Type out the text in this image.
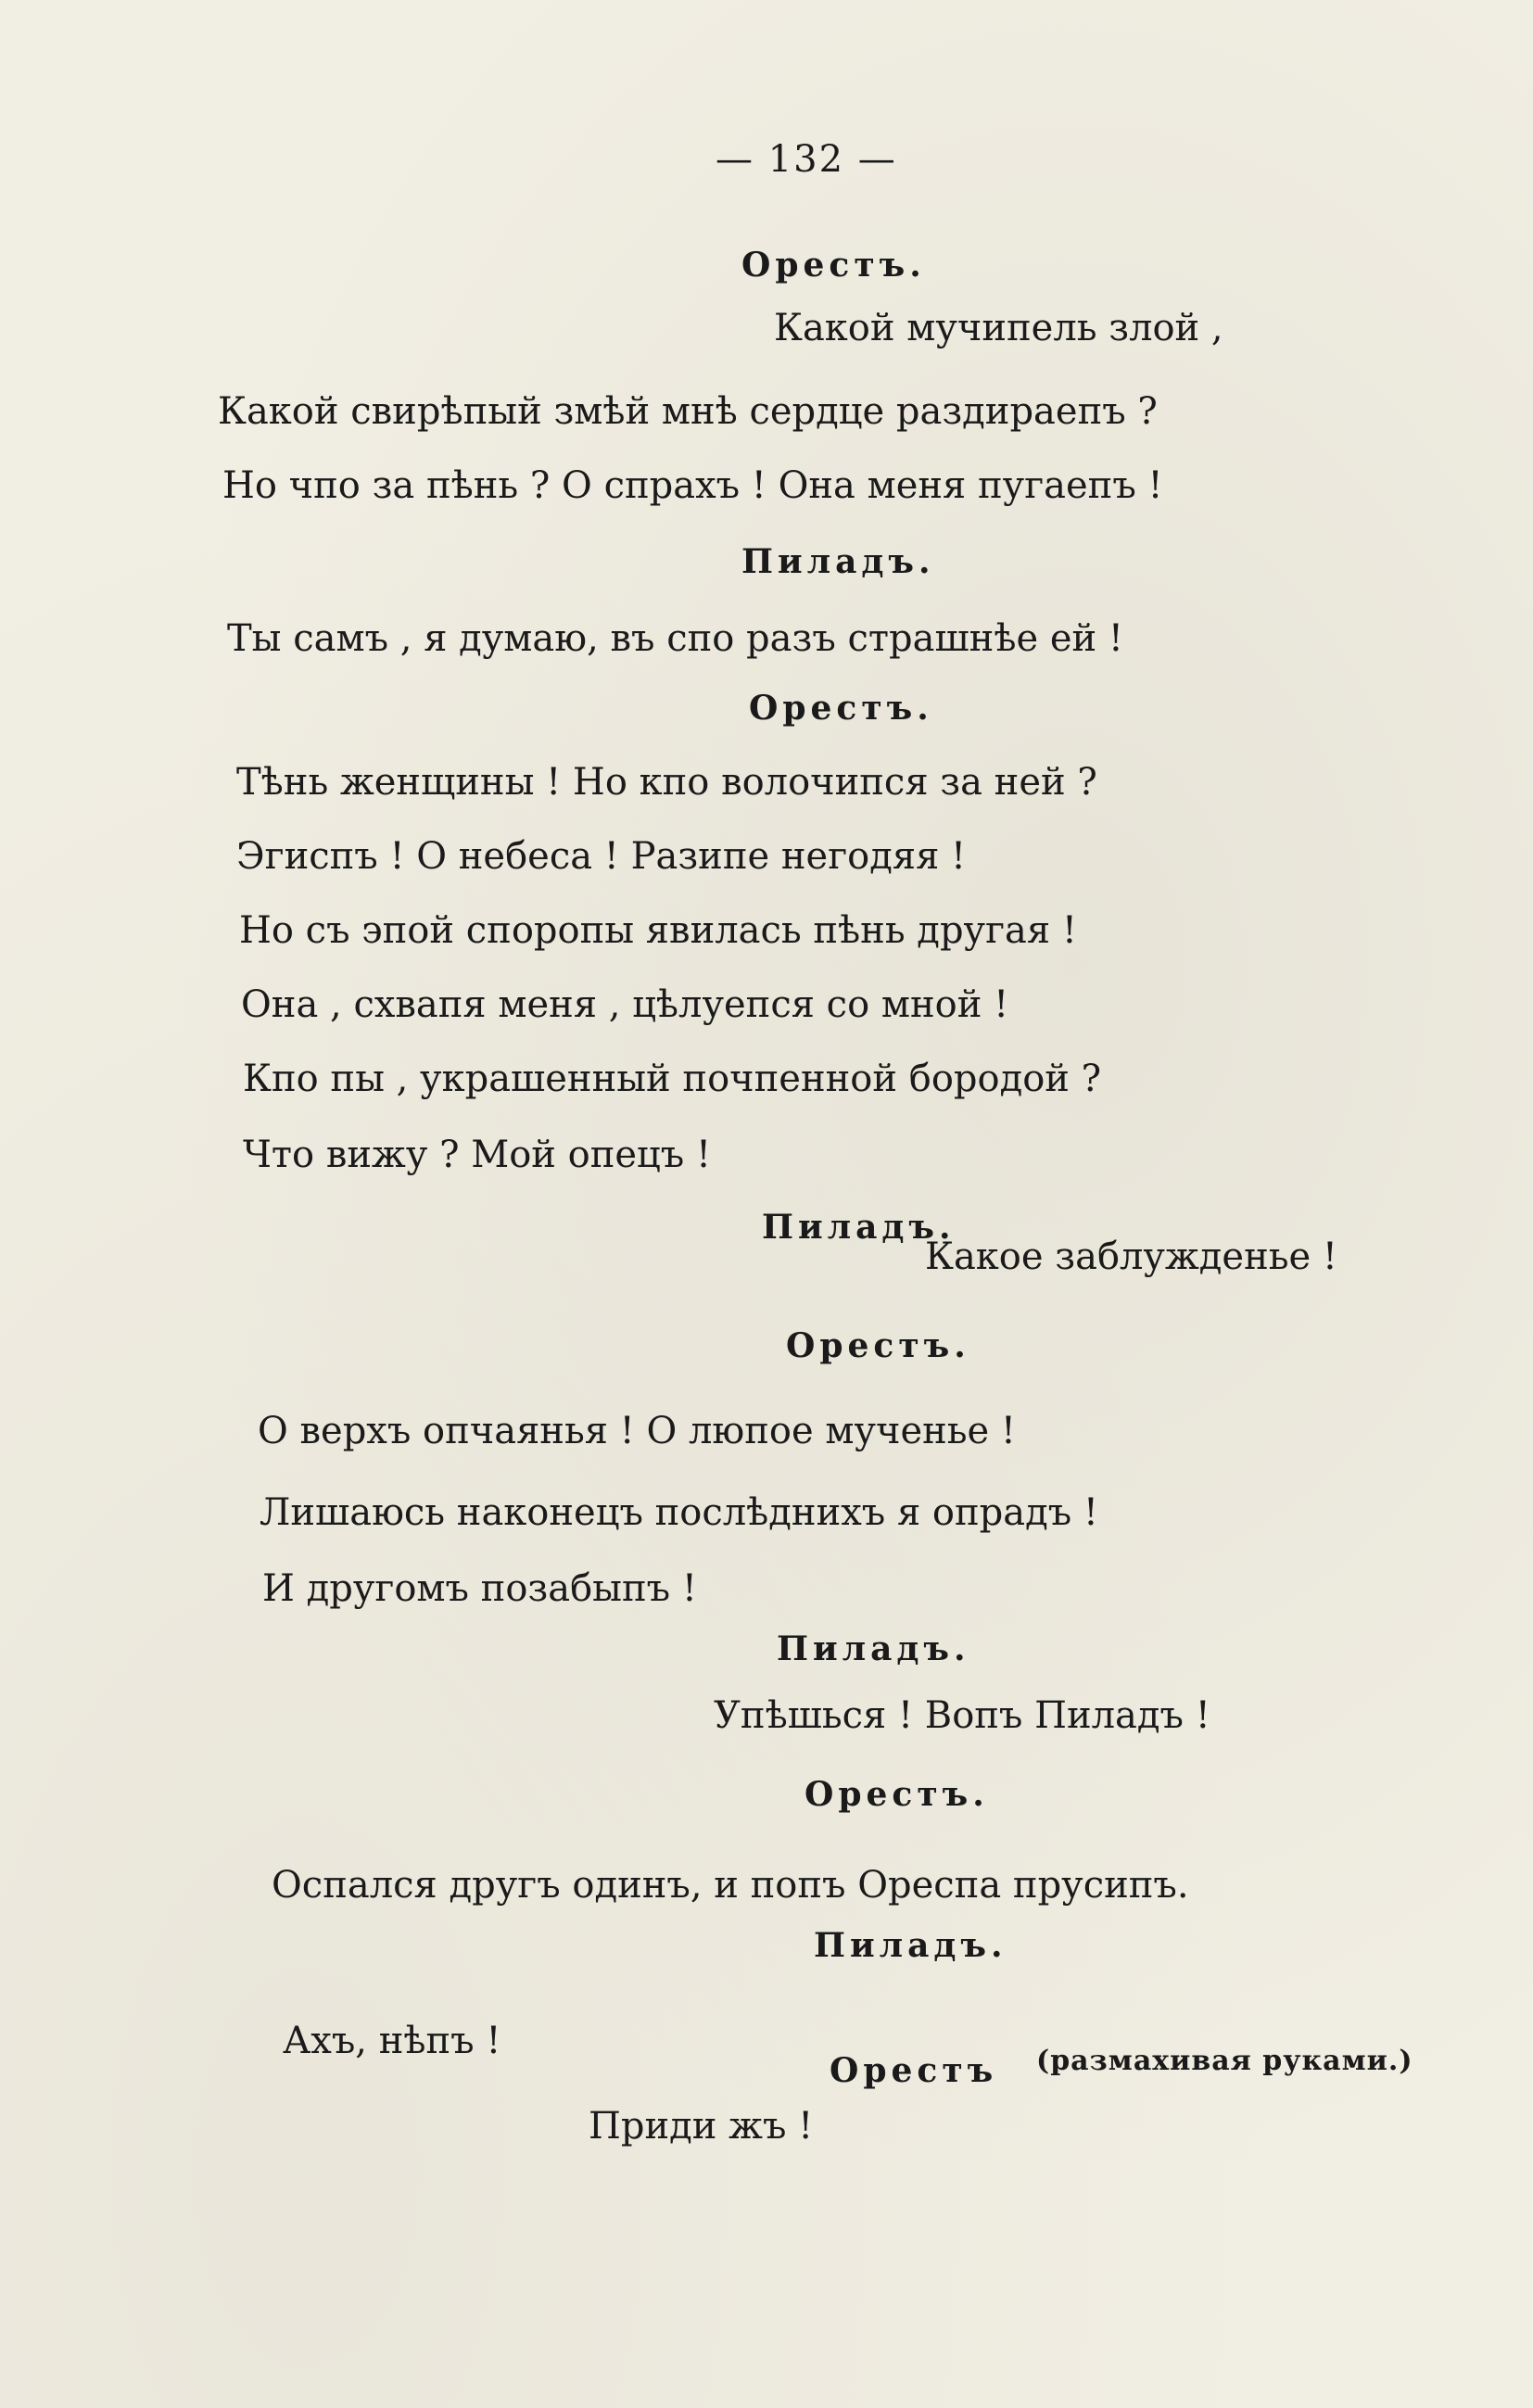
— 132 —
Орестъ.
Какой мучипель злой ,
Какой свирѣпый змѣй мнѣ сердце раздираепъ ?
Но чпо за пѣнь ? О спрахъ ! Она меня пугаепъ !
Пиладъ.
Ты самъ , я думаю, въ спо разъ страшнѣе ей !
Орестъ.
Тѣнь женщины ! Но кпо волочипся за ней ?
Эгиспъ ! О небеса ! Разипе негодяя !
Но съ эпой споропы явилась пѣнь другая !
Она , схвапя меня , цѣлуепся со мной !
Кпо пы , украшенный почпенной бородой ?
Что вижу ? Мой опецъ !
Пиладъ.
Какое заблужденье !
Орестъ.
О верхъ опчаянья ! О люпое мученье !
Лишаюсь наконецъ послѣднихъ я опрадъ !
И другомъ позабыпъ !
Пиладъ.
Упѣшься ! Вопъ Пиладъ !
Орестъ.
Оспался другъ одинъ, и попъ Ореспа прусипъ.
Пиладъ.
Ахъ, нѣпъ !
Орестъ (размахивая руками.)
Приди жъ !
